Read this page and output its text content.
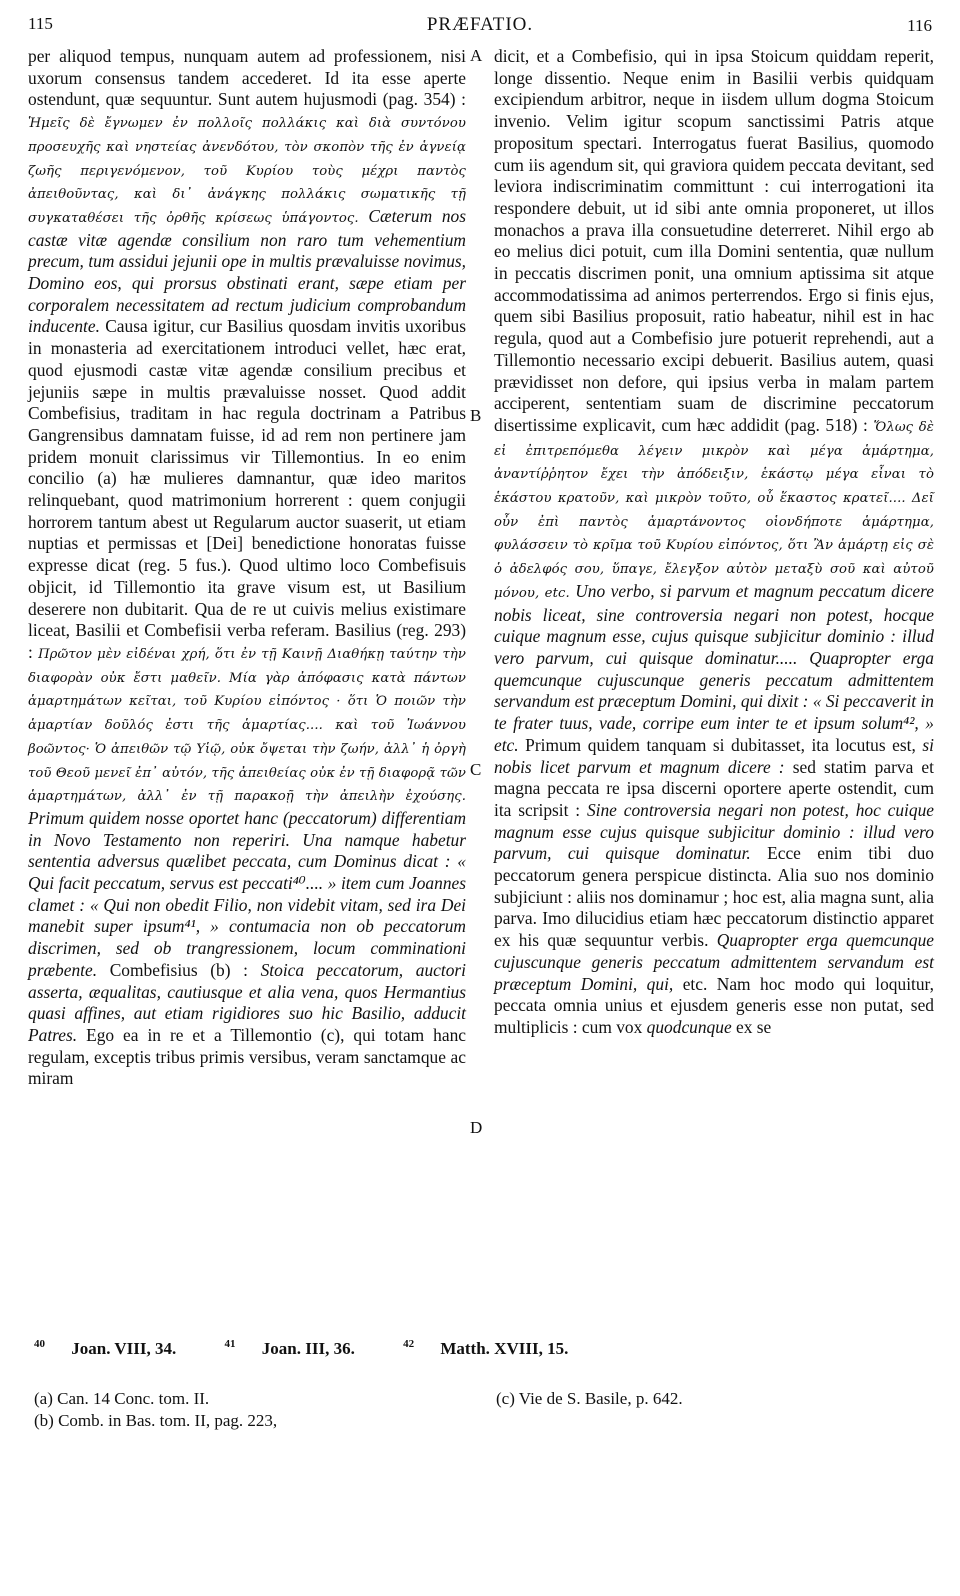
115	PRÆFATIO.	116

per aliquod tempus, nunquam autem ad professionem, nisi uxorum consensus tandem accederet. Id ita esse aperte ostendunt, quæ sequuntur. Sunt autem hujusmodi (pag. 354) : Ἡμεῖς δὲ ἔγνωμεν ἐν πολλοῖς πολλάκις καὶ διὰ συντόνου προσευχῆς καὶ νηστείας ἀνενδότου, τὸν σκοπὸν τῆς ἐν ἁγνείᾳ ζωῆς περιγενόμενον, τοῦ Κυρίου τοὺς μέχρι παντὸς ἀπειθοῦντας, καὶ δι᾽ ἀνάγκης πολλάκις σωματικῆς τῇ συγκαταθέσει τῆς ὀρθῆς κρίσεως ὑπάγοντος. Cæterum nos castæ vitæ agendæ consilium non raro tum vehementium precum, tum assidui jejunii ope in multis prævaluisse novimus, Domino eos, qui prorsus obstinati erant, sæpe etiam per corporalem necessitatem ad rectum judicium comprobandum inducente. Causa igitur, cur Basilius quosdam invitis uxoribus in monasteria ad exercitationem introduci vellet, hæc erat, quod ejusmodi castæ vitæ agendæ consilium precibus et jejuniis sæpe in multis prævaluisse nosset. Quod addit Combefisius, traditam in hac regula doctrinam a Patribus Gangrensibus damnatam fuisse, id ad rem non pertinere jam pridem monuit clarissimus vir Tillemontius. In eo enim concilio (a) hæ mulieres damnantur, quæ ideo maritos relinquebant, quod matrimonium horrerent : quem conjugii horrorem tantum abest ut Regularum auctor suaserit, ut etiam nuptias et permissas et [Dei] benedictione honoratas fuisse expresse dicat (reg. 5 fus.). Quod ultimo loco Combefisuis objicit, id Tillemontio ita grave visum est, ut Basilium deserere non dubitarit. Qua de re ut cuivis melius existimare liceat, Basilii et Combefisii verba referam. Basilius (reg. 293) : Πρῶτον μὲν εἰδέναι χρή, ὅτι ἐν τῇ Καινῇ Διαθήκῃ ταύτην τὴν διαφορὰν οὐκ ἔστι μαθεῖν. Μία γὰρ ἀπόφασις κατὰ πάντων ἁμαρτημάτων κεῖται, τοῦ Κυρίου εἰπόντος · ὅτι Ὁ ποιῶν τὴν ἁμαρτίαν δοῦλός ἐστι τῆς ἁμαρτίας.... καὶ τοῦ Ἰωάννου βοῶντος· Ὁ ἀπειθῶν τῷ Υἱῷ, οὐκ ὄψεται τὴν ζωήν, ἀλλ᾽ ἡ ὀργὴ τοῦ Θεοῦ μενεῖ ἐπ᾽ αὐτόν, τῆς ἀπειθείας οὐκ ἐν τῇ διαφορᾷ τῶν ἁμαρτημάτων, ἀλλ᾽ ἐν τῇ παρακοῇ τὴν ἀπειλὴν ἐχούσης. Primum quidem nosse oportet hanc (peccatorum) differentiam in Novo Testamento non reperiri. Una namque habetur sententia adversus quælibet peccata, cum Dominus dicat : « Qui facit peccatum, servus est peccati⁴⁰.... » item cum Joannes clamet : « Qui non obedit Filio, non videbit vitam, sed ira Dei manebit super ipsum⁴¹, » contumacia non ob peccatorum discrimen, sed ob trangressionem, locum comminationi præbente. Combefisius (b) : Stoica peccatorum, auctori asserta, æqualitas, cautiusque et alia vena, quos Hermantius quasi affines, aut etiam rigidiores suo hic Basilio, adducit Patres. Ego ea in re et a Tillemontio (c), qui totam hanc regulam, exceptis tribus primis versibus, veram sanctamque ac miram

dicit, et a Combefisio, qui in ipsa Stoicum quiddam reperit, longe dissentio. Neque enim in Basilii verbis quidquam excipiendum arbitror, neque in iisdem ullum dogma Stoicum invenio. Velim igitur scopum sanctissimi Patris atque propositum spectari. Interrogatus fuerat Basilius, quomodo cum iis agendum sit, qui graviora quidem peccata devitant, sed leviora indiscriminatim committunt : cui interrogationi ita respondere debuit, ut id sibi ante omnia proponeret, ut illos monachos a prava illa consuetudine deterreret. Nihil ergo ab eo melius dici potuit, cum illa Domini sententia, quæ nullum in peccatis discrimen ponit, una omnium aptissima sit atque accommodatissima ad animos perterrendos. Ergo si finis ejus, quem sibi Basilius proposuit, ratio habeatur, nihil est in hac regula, quod aut a Combefisio jure potuerit reprehendi, aut a Tillemontio necessario excipi debuerit. Basilius autem, quasi prævidisset non defore, qui ipsius verba in malam partem acciperent, sententiam suam de discrimine peccatorum disertissime explicavit, cum hæc addidit (pag. 518) : Ὅλως δὲ εἰ ἐπιτρεπόμεθα λέγειν μικρὸν καὶ μέγα ἁμάρτημα, ἀναντίῤῥητον ἔχει τὴν ἀπόδειξιν, ἑκάστῳ μέγα εἶναι τὸ ἑκάστου κρατοῦν, καὶ μικρὸν τοῦτο, οὗ ἕκαστος κρατεῖ.... Δεῖ οὖν ἐπὶ παντὸς ἁμαρτάνοντος οἱονδήποτε ἁμάρτημα, φυλάσσειν τὸ κρῖμα τοῦ Κυρίου εἰπόντος, ὅτι Ἂν ἁμάρτῃ εἰς σὲ ὁ ἀδελφός σου, ὕπαγε, ἔλεγξον αὐτὸν μεταξὺ σοῦ καὶ αὐτοῦ μόνου, etc. Uno verbo, si parvum et magnum peccatum dicere nobis liceat, sine controversia negari non potest, hocque cuique magnum esse, cujus quisque subjicitur dominio : illud vero parvum, cui quisque dominatur..... Quapropter erga quemcunque cujuscunque generis peccatum admittentem servandum est præceptum Domini, qui dixit : « Si peccaverit in te frater tuus, vade, corripe eum inter te et ipsum solum⁴², » etc. Primum quidem tanquam si dubitasset, ita locutus est, si nobis licet parvum et magnum dicere : sed statim parva et magna peccata re ipsa discerni oportere aperte ostendit, cum ita scripsit : Sine controversia negari non potest, hoc cuique magnum esse cujus quisque subjicitur dominio : illud vero parvum, cui quisque dominatur. Ecce enim tibi duo peccatorum genera perspicue distincta. Alia suo nos dominio subjiciunt : aliis nos dominamur ; hoc est, alia magna sunt, alia parva. Imo dilucidius etiam hæc peccatorum distinctio apparet ex his quæ sequuntur verbis. Quapropter erga quemcunque cujuscunque generis peccatum admittentem servandum est præceptum Domini, qui, etc. Nam hoc modo qui loquitur, peccata omnia unius et ejusdem generis esse non putat, sed multiplicis : cum vox quodcunque ex se

A
B
C
D
$^{40}$ Joan. VIII, 34.	$^{41}$ Joan. III, 36.	$^{42}$ Matth. XVIII, 15.

(a) Can. 14 Conc. tom. II.

(b) Comb. in Bas. tom. II, pag. 223,

(c) Vie de S. Basile, p. 642.
